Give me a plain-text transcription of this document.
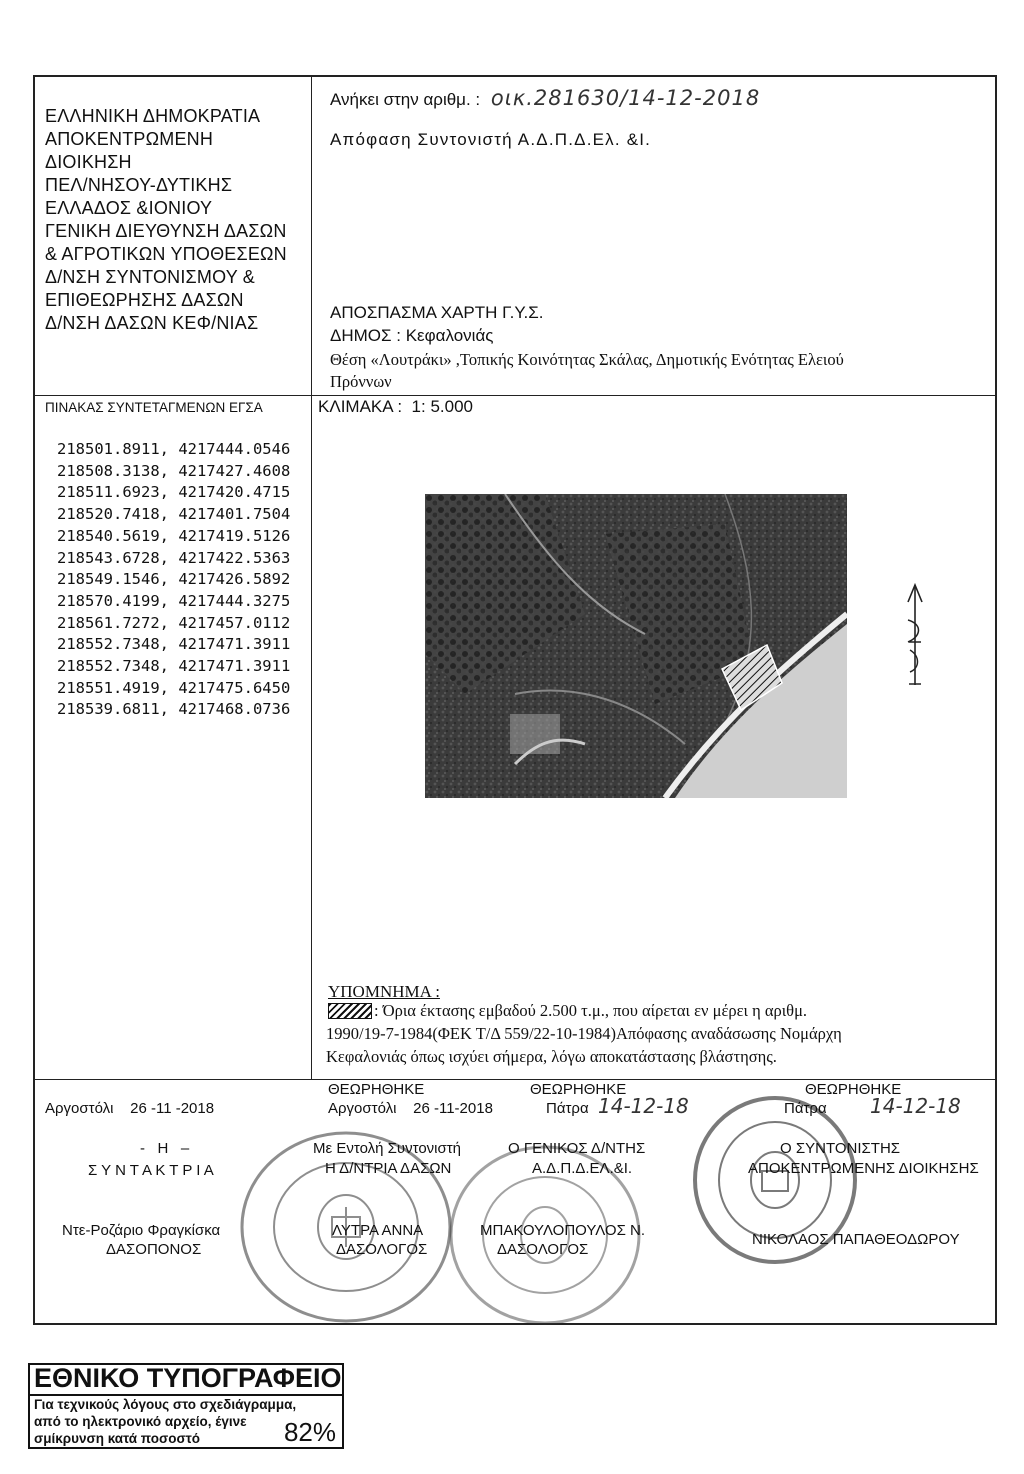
ΕΛΛΗΝΙΚΗ ΔΗΜΟΚΡΑΤΙΑ
ΑΠΟΚΕΝΤΡΩΜΕΝΗ
ΔΙΟΙΚΗΣΗ
ΠΕΛ/ΝΗΣΟΥ-ΔΥΤΙΚΗΣ
ΕΛΛΑΔΟΣ &ΙΟΝΙΟΥ
ΓΕΝΙΚΗ ΔΙΕΥΘΥΝΣΗ ΔΑΣΩΝ
& ΑΓΡΟΤΙΚΩΝ ΥΠΟΘΕΣΕΩΝ
Δ/ΝΣΗ ΣΥΝΤΟΝΙΣΜΟΥ &
ΕΠΙΘΕΩΡΗΣΗΣ ΔΑΣΩΝ
Δ/ΝΣΗ ΔΑΣΩΝ ΚΕΦ/ΝΙΑΣ
Ανήκει στην αριθμ. : οικ.281630/14-12-2018
Απόφαση Συντονιστή Α.Δ.Π.Δ.Ελ. &Ι.
ΑΠΟΣΠΑΣΜΑ ΧΑΡΤΗ Γ.Υ.Σ.
ΔΗΜΟΣ : Κεφαλονιάς
Θέση «Λουτράκι» ,Τοπικής Κοινότητας Σκάλας, Δημοτικής Ενότητας Ελειού
Πρόννων
ΠΙΝΑΚΑΣ ΣΥΝΤΕΤΑΓΜΕΝΩΝ ΕΓΣΑ
218501.8911, 4217444.0546
218508.3138, 4217427.4608
218511.6923, 4217420.4715
218520.7418, 4217401.7504
218540.5619, 4217419.5126
218543.6728, 4217422.5363
218549.1546, 4217426.5892
218570.4199, 4217444.3275
218561.7272, 4217457.0112
218552.7348, 4217471.3911
218552.7348, 4217471.3911
218551.4919, 4217475.6450
218539.6811, 4217468.0736
ΚΛΙΜΑΚΑ :  1: 5.000
ΥΠΟΜΝΗΜΑ :
: Όρια έκτασης εμβαδού 2.500 τ.μ., που αίρεται εν μέρει η αριθμ.
1990/19-7-1984(ΦΕΚ Τ/Δ 559/22-10-1984)Απόφασης αναδάσωσης Νομάρχη
Κεφαλονιάς όπως ισχύει σήμερα, λόγω αποκατάστασης βλάστησης.
Αργοστόλι    26 -11 -2018
-   Η   –
Σ Υ Ν Τ Α Κ Τ Ρ Ι Α
Ντε-Ροζάριο Φραγκίσκα
ΔΑΣΟΠΟΝΟΣ
ΘΕΩΡΗΘΗΚΕ
Αργοστόλι    26 -11-2018
Με Εντολή Συντονιστή
Η Δ/ΝΤΡΙΑ ΔΑΣΩΝ
ΛΥΤΡΑ ΑΝΝΑ
ΔΑΣΟΛΟΓΟΣ
ΘΕΩΡΗΘΗΚΕ
Πάτρα 14-12-18
Ο ΓΕΝΙΚΟΣ Δ/ΝΤΗΣ
Α.Δ.Π.Δ.ΕΛ.&Ι.
ΜΠΑΚΟΥΛΟΠΟΥΛΟΣ Ν.
ΔΑΣΟΛΟΓΟΣ
ΘΕΩΡΗΘΗΚΕ
Πάτρα 14-12-18
Ο ΣΥΝΤΟΝΙΣΤΗΣ
ΑΠΟΚΕΝΤΡΩΜΕΝΗΣ ΔΙΟΙΚΗΣΗΣ
ΝΙΚΟΛΑΟΣ ΠΑΠΑΘΕΟΔΩΡΟΥ
ΕΘΝΙΚΟ ΤΥΠΟΓΡΑΦΕΙΟ
Για τεχνικούς λόγους στο σχεδιάγραμμα,
από το ηλεκτρονικό αρχείο, έγινε
σμίκρυνση κατά ποσοστό	82%
